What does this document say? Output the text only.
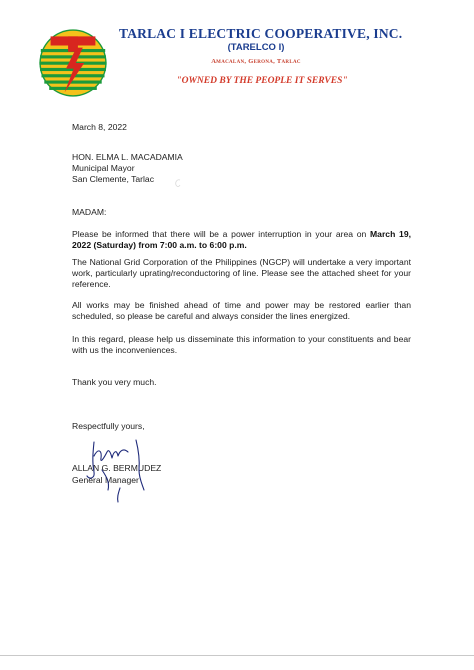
TARLAC I ELECTRIC COOPERATIVE, INC.
(TARELCO I)
Amacalan, Gerona, Tarlac
"OWNED BY THE PEOPLE IT SERVES"
March 8, 2022
HON. ELMA L. MACADAMIA
Municipal Mayor
San Clemente, Tarlac
MADAM:
Please be informed that there will be a power interruption in your area on March 19, 2022 (Saturday) from 7:00 a.m. to 6:00 p.m.
The National Grid Corporation of the Philippines (NGCP) will undertake a very important work, particularly uprating/reconductoring of line. Please see the attached sheet for your reference.
All works may be finished ahead of time and power may be restored earlier than scheduled, so please be careful and always consider the lines energized.
In this regard, please help us disseminate this information to your constituents and bear with us the inconveniences.
Thank you very much.
Respectfully yours,
ALLAN G. BERMUDEZ
General Manager
